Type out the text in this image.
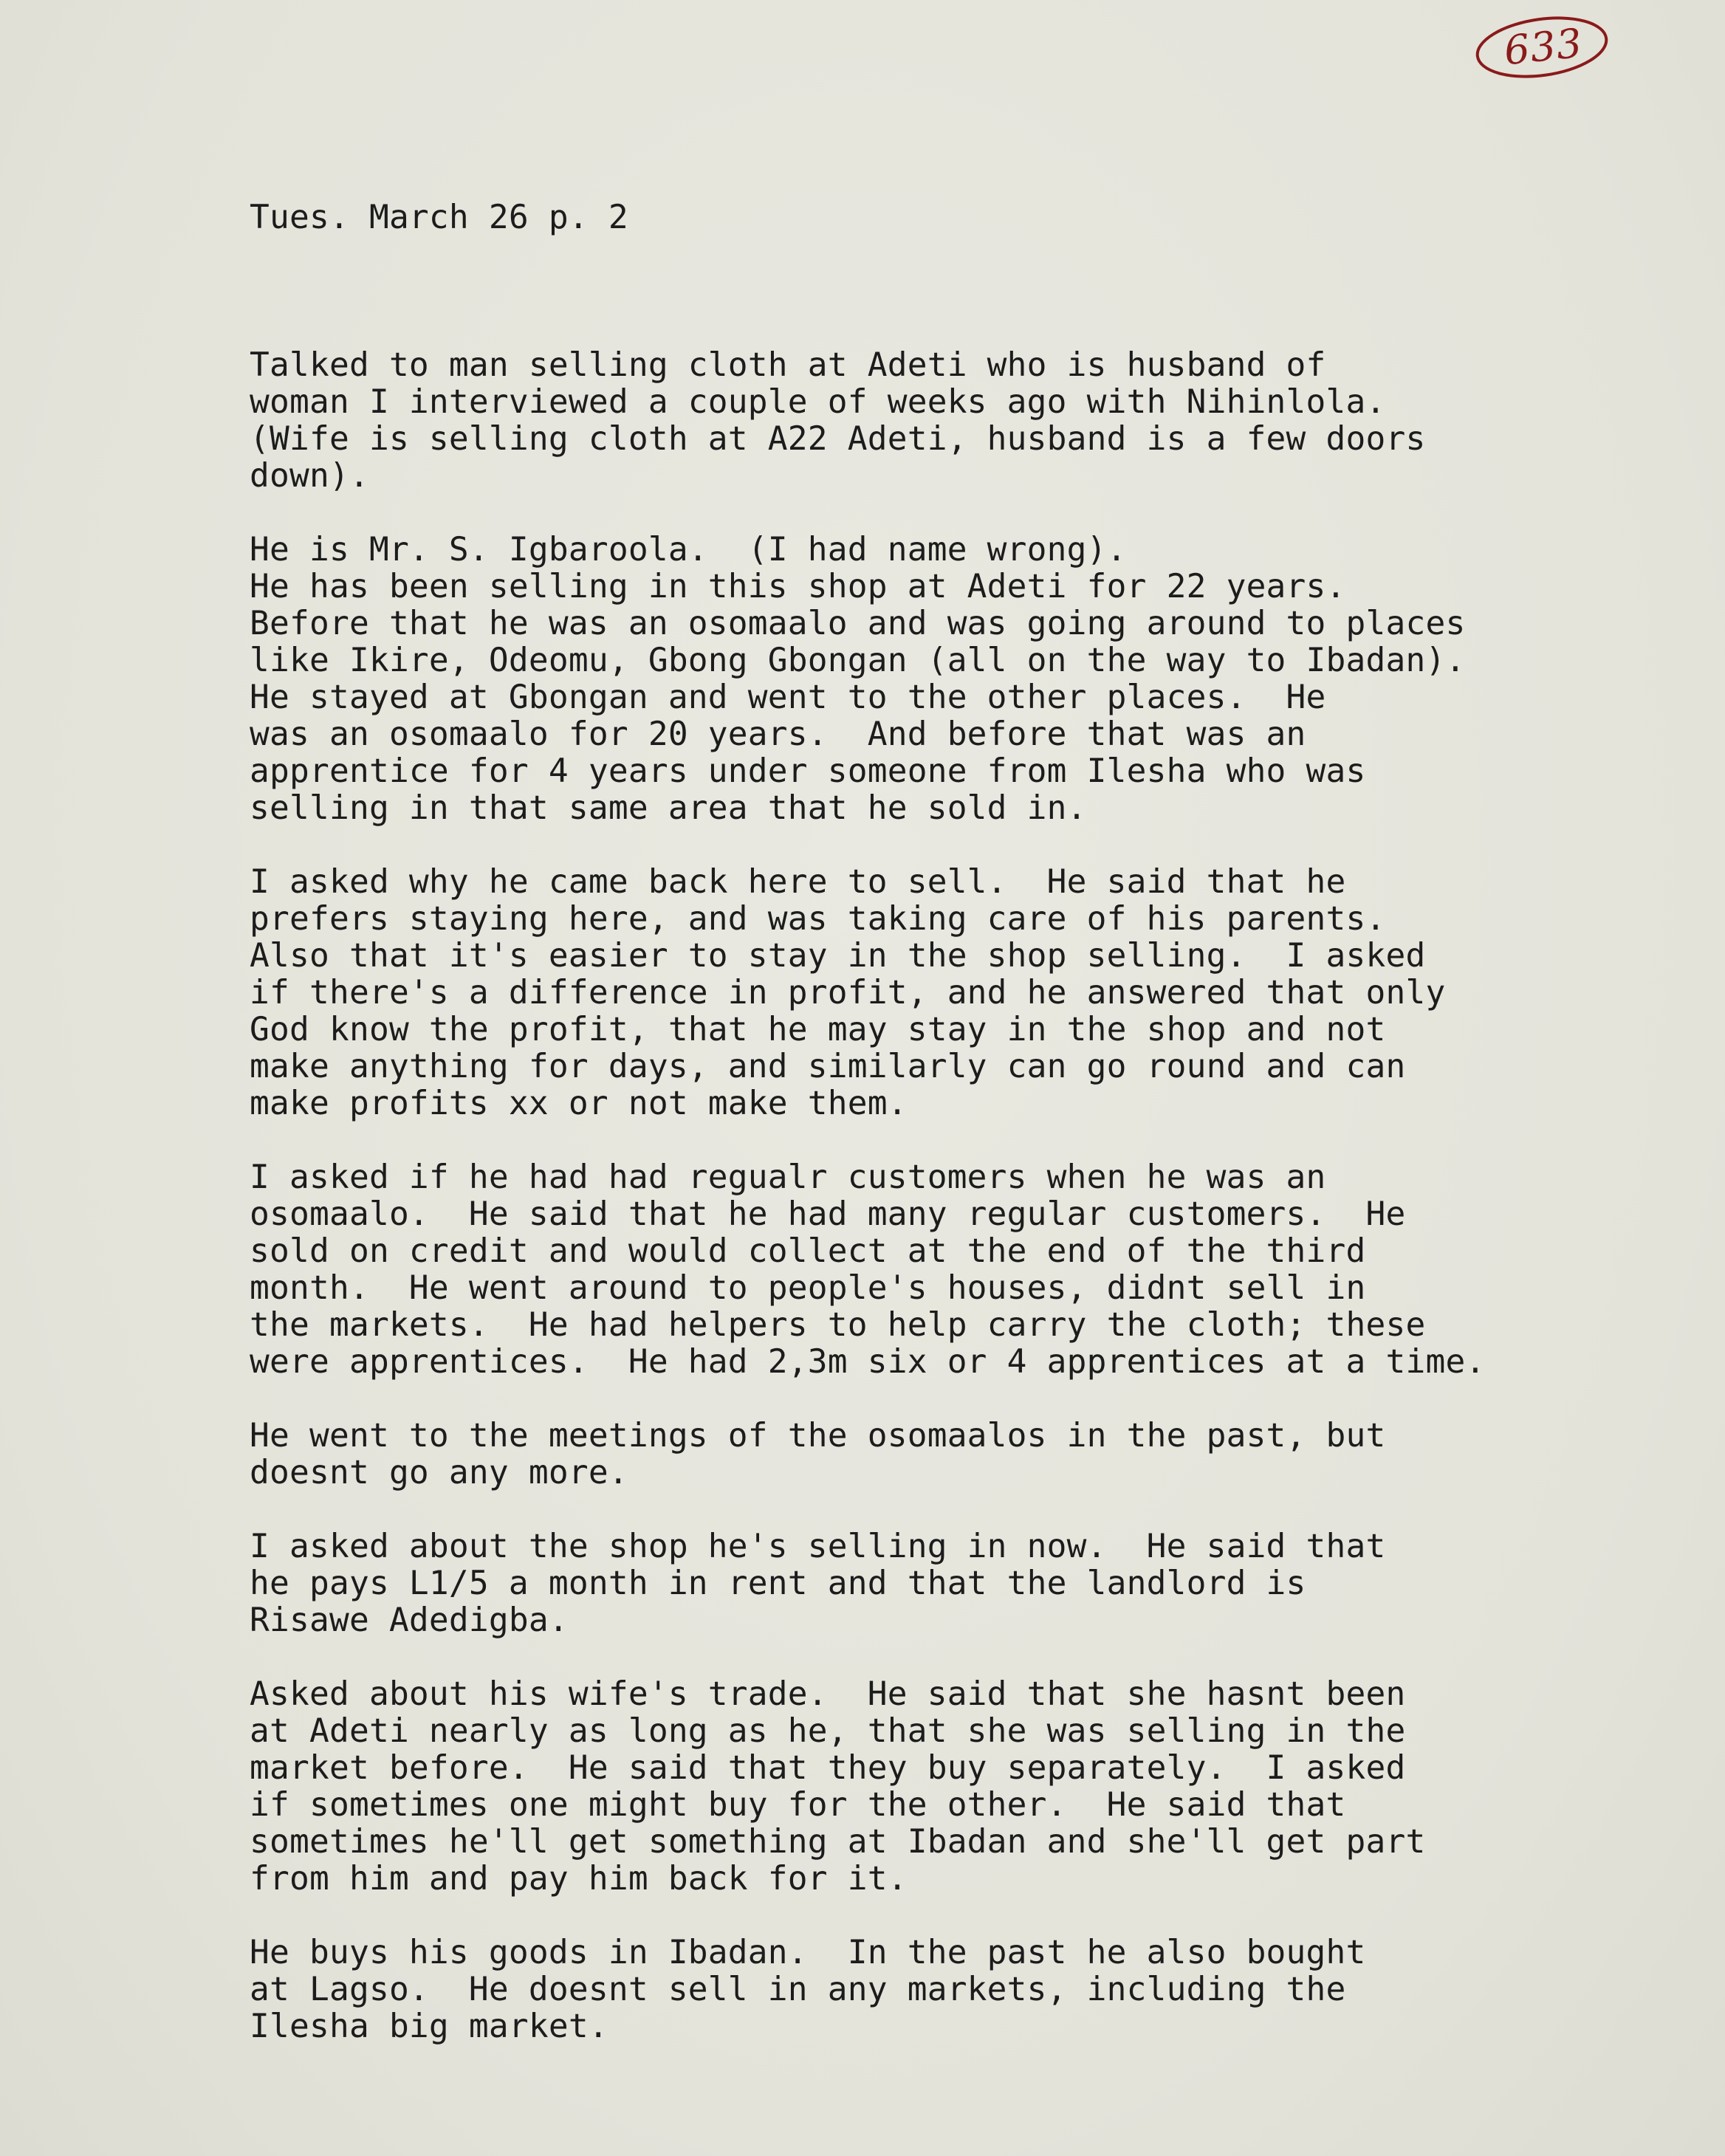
633

Tues. March 26 p. 2

Talked to man selling cloth at Adeti who is husband of
woman I interviewed a couple of weeks ago with Nihinlola.
(Wife is selling cloth at A22 Adeti, husband is a few doors
down).
He is Mr. S. Igbaroola.  (I had name wrong).
He has been selling in this shop at Adeti for 22 years.
Before that he was an osomaalo and was going around to places
like Ikire, Odeomu, Gbong Gbongan (all on the way to Ibadan).
He stayed at Gbongan and went to the other places.  He
was an osomaalo for 20 years.  And before that was an
apprentice for 4 years under someone from Ilesha who was
selling in that same area that he sold in.
I asked why he came back here to sell.  He said that he
prefers staying here, and was taking care of his parents.
Also that it's easier to stay in the shop selling.  I asked
if there's a difference in profit, and he answered that only
God know the profit, that he may stay in the shop and not
make anything for days, and similarly can go round and can
make profits xx or not make them.
I asked if he had had regualr customers when he was an
osomaalo.  He said that he had many regular customers.  He
sold on credit and would collect at the end of the third
month.  He went around to people's houses, didnt sell in
the markets.  He had helpers to help carry the cloth; these
were apprentices.  He had 2,3m six or 4 apprentices at a time.
He went to the meetings of the osomaalos in the past, but
doesnt go any more.
I asked about the shop he's selling in now.  He said that
he pays L1/5 a month in rent and that the landlord is
Risawe Adedigba.
Asked about his wife's trade.  He said that she hasnt been
at Adeti nearly as long as he, that she was selling in the
market before.  He said that they buy separately.  I asked
if sometimes one might buy for the other.  He said that
sometimes he'll get something at Ibadan and she'll get part
from him and pay him back for it.
He buys his goods in Ibadan.  In the past he also bought
at Lagso.  He doesnt sell in any markets, including the
Ilesha big market.
